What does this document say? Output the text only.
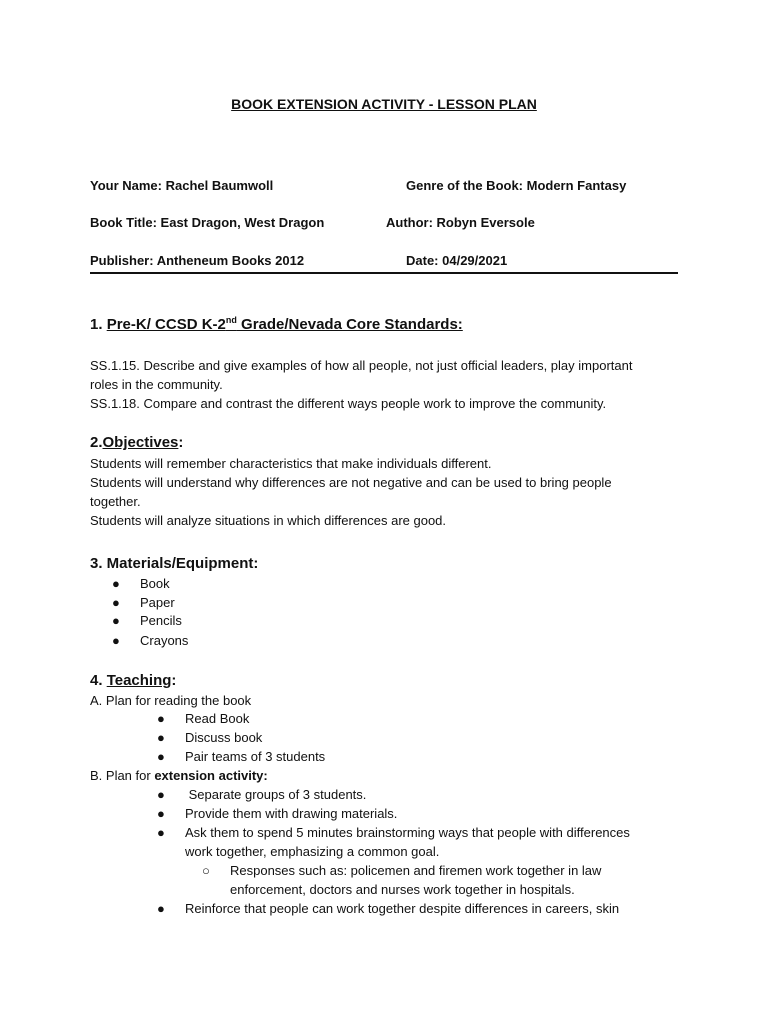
BOOK EXTENSION ACTIVITY - LESSON PLAN
Your Name: Rachel Baumwoll	Genre of the Book: Modern Fantasy
Book Title: East Dragon, West Dragon	Author: Robyn Eversole
Publisher: Antheneum Books 2012	Date: 04/29/2021
1. Pre-K/ CCSD K-2nd Grade/Nevada Core Standards:
SS.1.15. Describe and give examples of how all people, not just official leaders, play important
roles in the community.
SS.1.18. Compare and contrast the different ways people work to improve the community.
2.Objectives:
Students will remember characteristics that make individuals different.
Students will understand why differences are not negative and can be used to bring people
together.
Students will analyze situations in which differences are good.
3. Materials/Equipment:
● Book
● Paper
● Pencils
● Crayons
4. Teaching:
A. Plan for reading the book
● Read Book
● Discuss book
● Pair teams of 3 students
B. Plan for extension activity:
● Separate groups of 3 students.
● Provide them with drawing materials.
● Ask them to spend 5 minutes brainstorming ways that people with differences
work together, emphasizing a common goal.
○ Responses such as: policemen and firemen work together in law
enforcement, doctors and nurses work together in hospitals.
● Reinforce that people can work together despite differences in careers, skin
